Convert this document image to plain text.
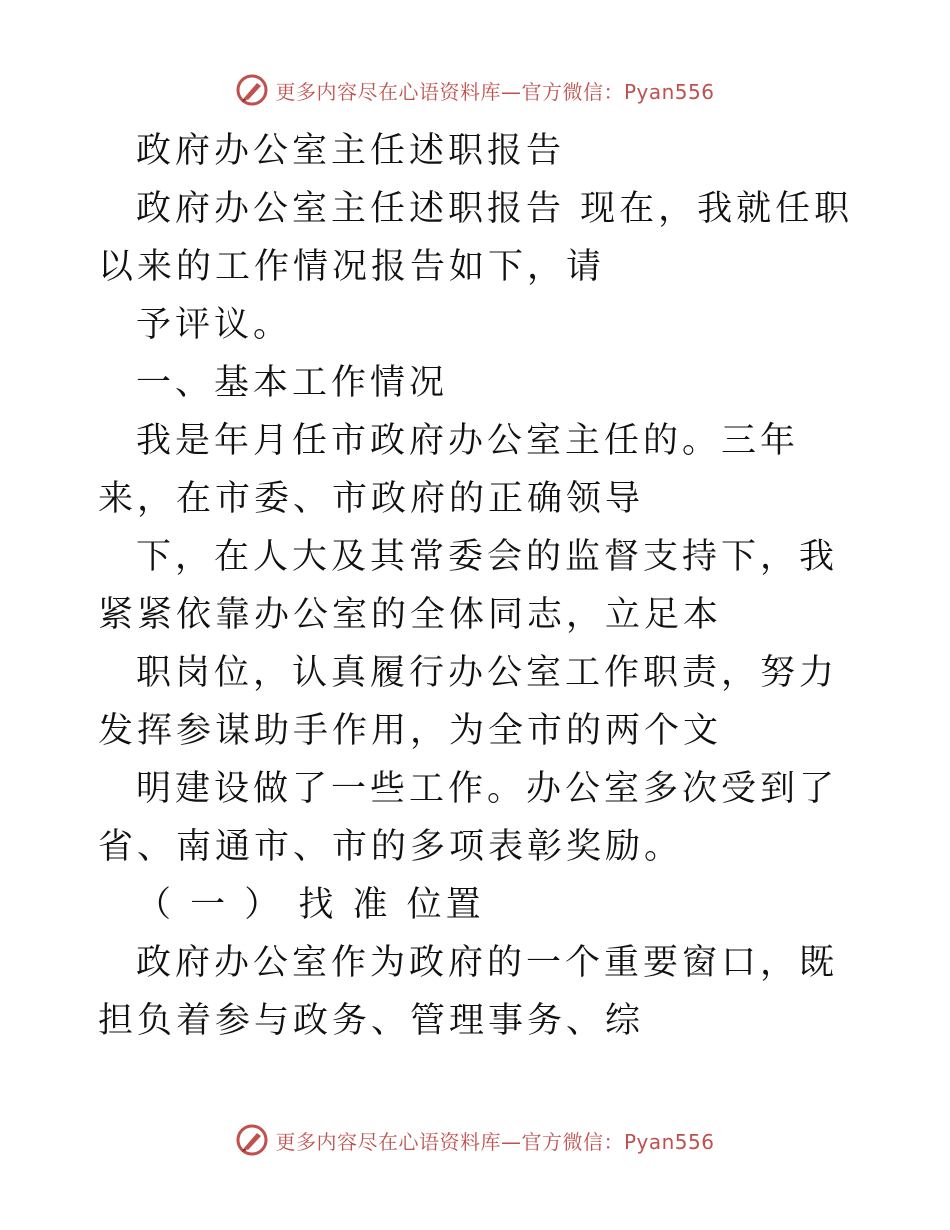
更多内容尽在心语资料库—官方微信：Pyan556

政府办公室主任述职报告

政府办公室主任述职报告 现在，我就任职以来的工作情况报告如下，请

予评议。

一、基本工作情况

我是年月任市政府办公室主任的。三年来，在市委、市政府的正确领导

下，在人大及其常委会的监督支持下，我紧紧依靠办公室的全体同志，立足本

职岗位，认真履行办公室工作职责，努力发挥参谋助手作用，为全市的两个文

明建设做了一些工作。办公室多次受到了省、南通市、市的多项表彰奖励。

（ 一 ） 找 准 位置

政府办公室作为政府的一个重要窗口，既担负着参与政务、管理事务、综

更多内容尽在心语资料库—官方微信：Pyan556
